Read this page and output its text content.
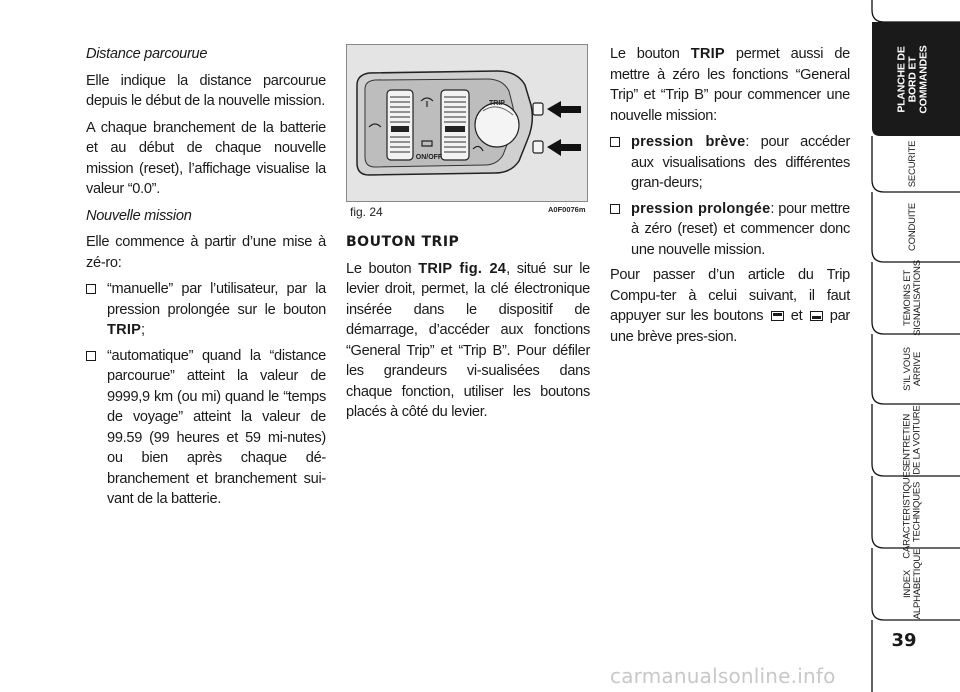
Distance parcourue

Elle indique la distance parcourue depuis le début de la nouvelle mission.

A chaque branchement de la batterie et au début de chaque nouvelle mission (reset), l’affichage visualise la valeur “0.0”.

Nouvelle mission

Elle commence à partir d’une mise à zé-ro:

“manuelle” par l’utilisateur, par la pression prolongée sur le bouton TRIP;
“automatique” quand la “distance parcourue” atteint la valeur de 9999,9 km (ou mi) quand le “temps de voyage” atteint la valeur de 99.59 (99 heures et 59 mi-nutes) ou bien après chaque dé-branchement et branchement sui-vant de la batterie.
TRIP
ON/OFF
fig. 24	A0F0076m
BOUTON TRIP

Le bouton TRIP fig. 24, situé sur le levier droit, permet, la clé électronique insérée dans le dispositif de démarrage, d’accéder aux fonctions “General Trip” et “Trip B”. Pour défiler les grandeurs vi-sualisées dans chaque fonction, utiliser les boutons placés à côté du levier.

Le bouton TRIP permet aussi de mettre à zéro les fonctions “General Trip” et “Trip B” pour commencer une nouvelle mission:

pression brève: pour accéder aux visualisations des différentes gran-deurs;
pression prolongée: pour mettre à zéro (reset) et commencer donc une nouvelle mission.

Pour passer d’un article du Trip Compu-ter à celui suivant, il faut appuyer sur les boutons  et  par une brève pres-sion.

PLANCHE DE
BORD ET
COMMANDES
SECURITE
CONDUITE
TEMOINS ET
SIGNALISATIONS
S’IL VOUS
ARRIVE
ENTRETIEN
DE LA VOITURE
CARACTERISTIQUES
TECHNIQUES
INDEX
ALPHABETIQUE
39
carmanualsonline.info
